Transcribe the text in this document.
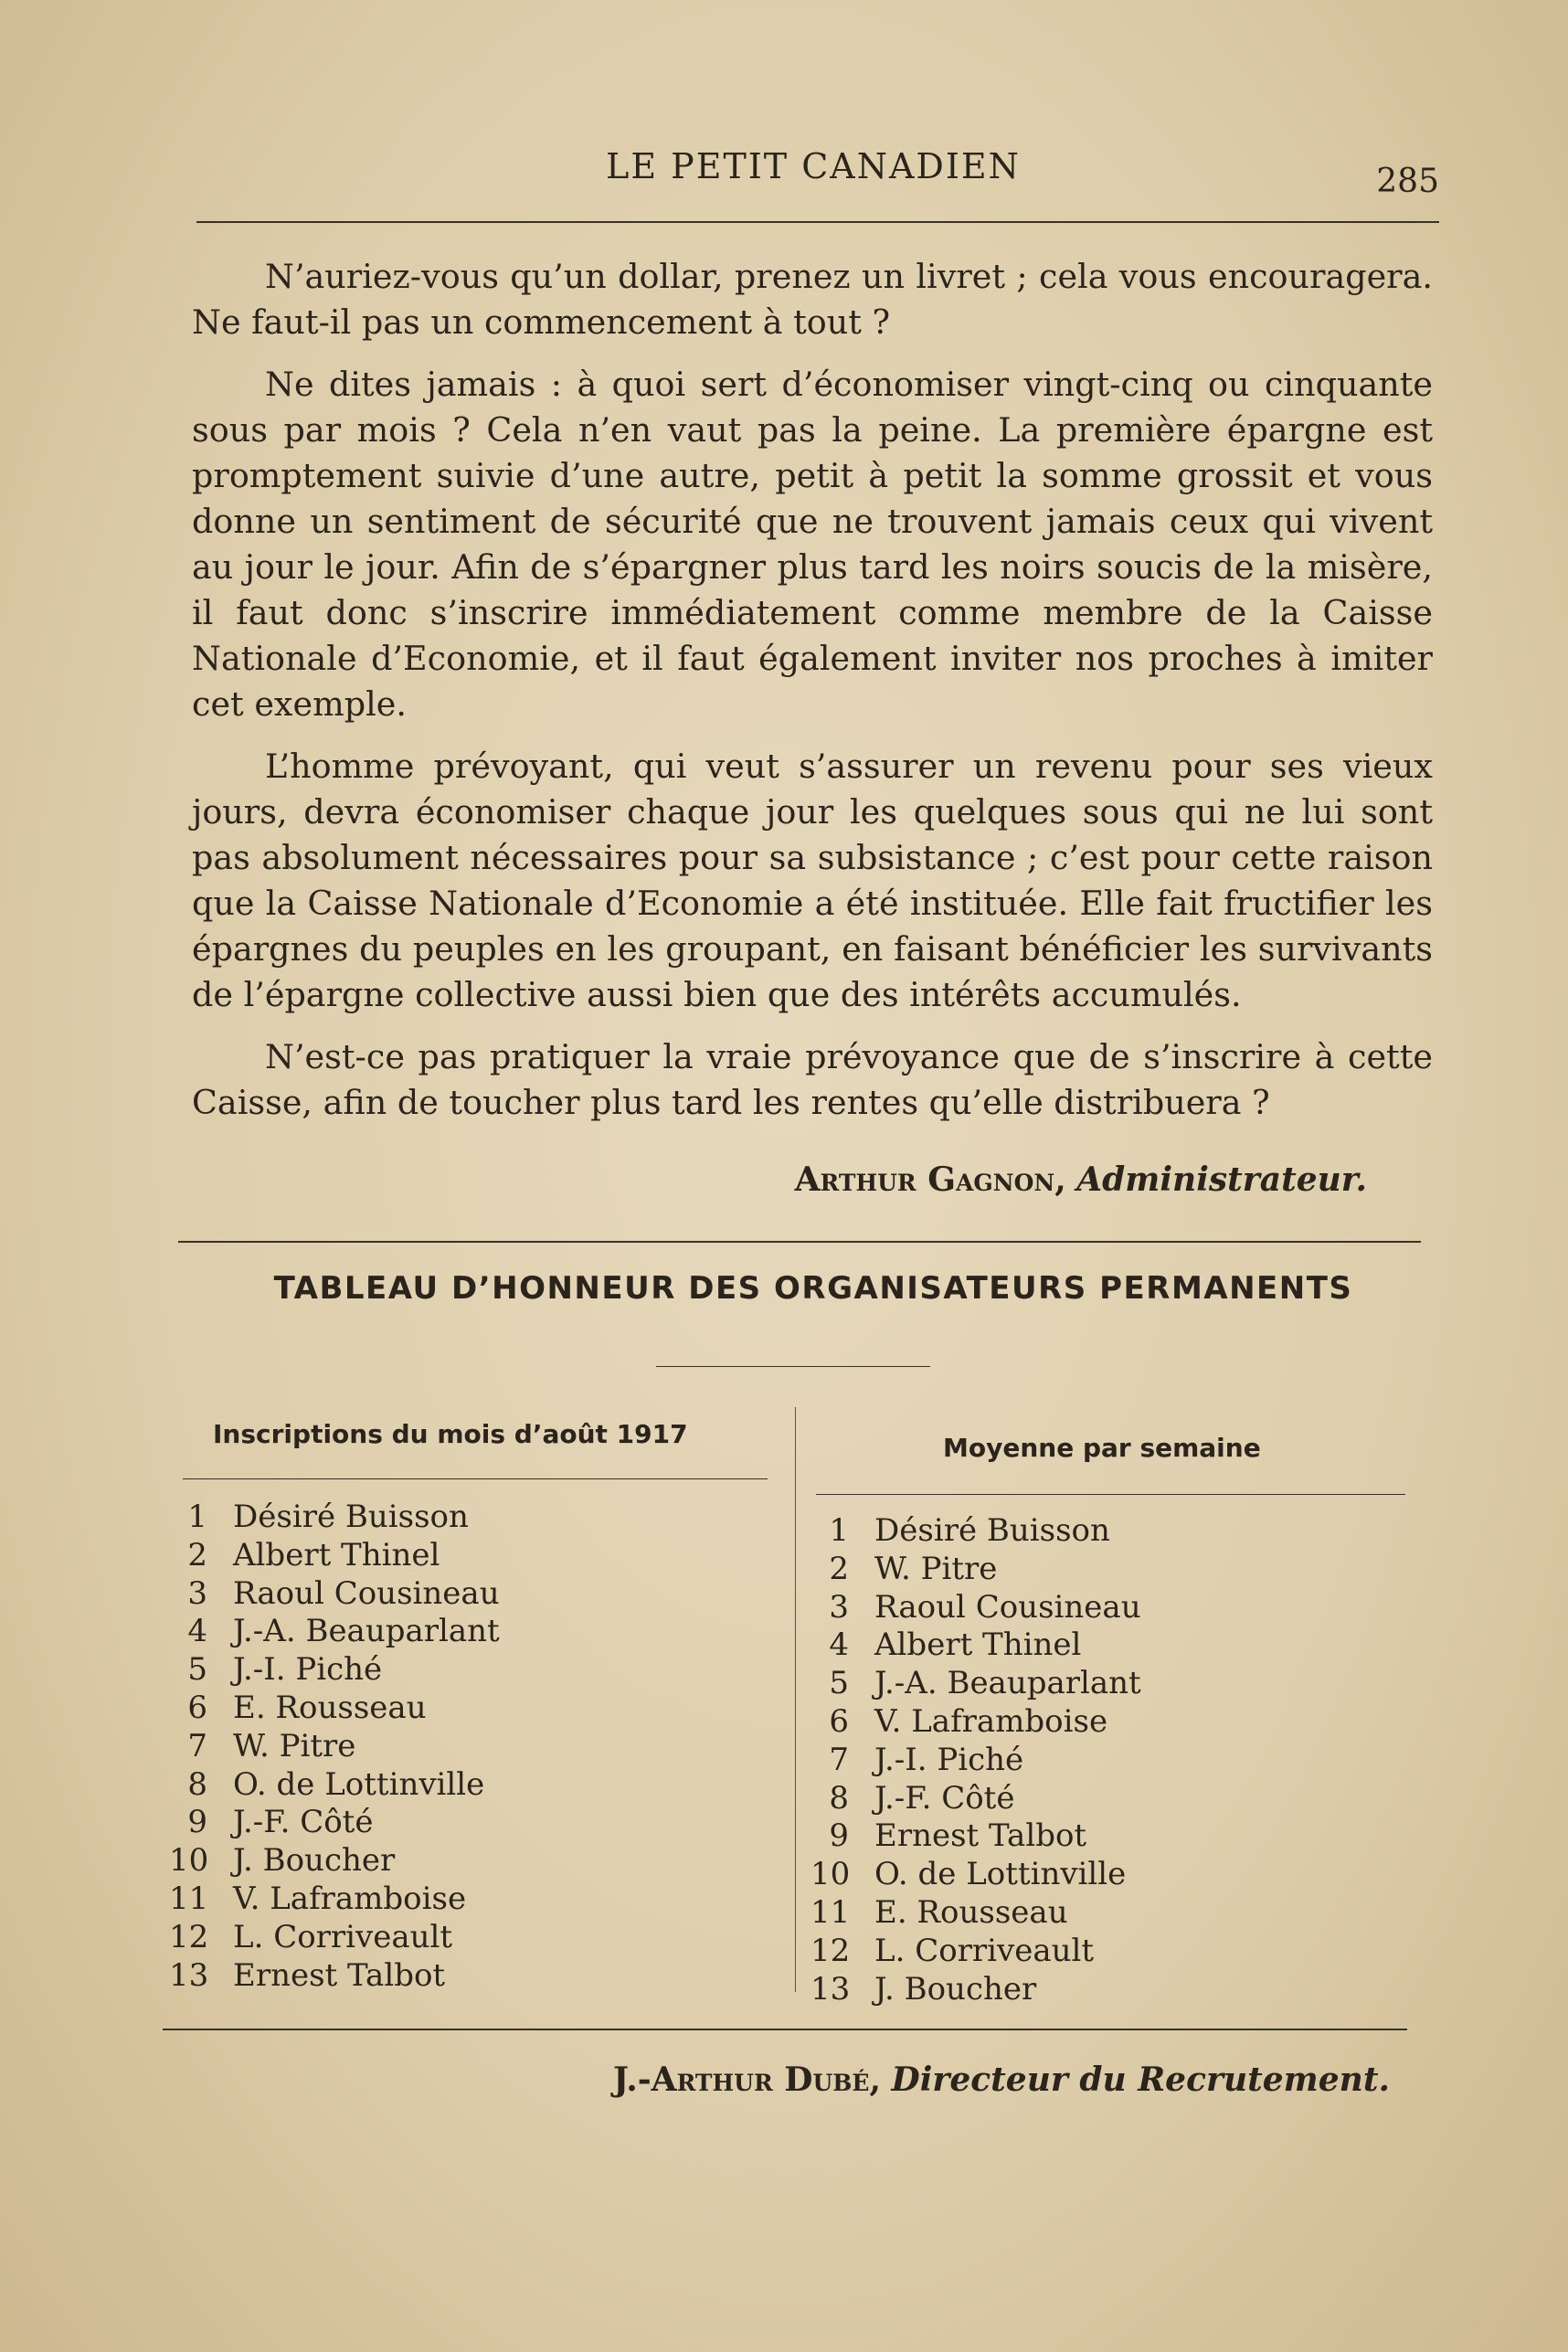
LE PETIT CANADIEN	285

N’auriez-vous qu’un dollar, prenez un livret ; cela vous encouragera. Ne faut-il pas un commencement à tout ?

Ne dites jamais : à quoi sert d’économiser vingt-cinq ou cinquante sous par mois ? Cela n’en vaut pas la peine. La première épargne est promptement suivie d’une autre, petit à petit la somme grossit et vous donne un sentiment de sécurité que ne trouvent jamais ceux qui vivent au jour le jour. Afin de s’épargner plus tard les noirs soucis de la misère, il faut donc s’inscrire immédiatement comme membre de la Caisse Nationale d’Economie, et il faut également inviter nos proches à imiter cet exemple.

L’homme prévoyant, qui veut s’assurer un revenu pour ses vieux jours, devra économiser chaque jour les quelques sous qui ne lui sont pas absolument nécessaires pour sa subsistance ; c’est pour cette raison que la Caisse Nationale d’Economie a été instituée. Elle fait fructifier les épargnes du peuples en les groupant, en faisant bénéficier les survivants de l’épargne collective aussi bien que des intérêts accumulés.

N’est-ce pas pratiquer la vraie prévoyance que de s’inscrire à cette Caisse, afin de toucher plus tard les rentes qu’elle distribuera ?

Arthur Gagnon, Administrateur.
TABLEAU D’HONNEUR DES ORGANISATEURS PERMANENTS
Inscriptions du mois d’août 1917	Moyenne par semaine
1 Désiré Buisson
2 Albert Thinel
3 Raoul Cousineau
4 J.-A. Beauparlant
5 J.-I. Piché
6 E. Rousseau
7 W. Pitre
8 O. de Lottinville
9 J.-F. Côté
10 J. Boucher
11 V. Laframboise
12 L. Corriveault
13 Ernest Talbot
1 Désiré Buisson
2 W. Pitre
3 Raoul Cousineau
4 Albert Thinel
5 J.-A. Beauparlant
6 V. Laframboise
7 J.-I. Piché
8 J.-F. Côté
9 Ernest Talbot
10 O. de Lottinville
11 E. Rousseau
12 L. Corriveault
13 J. Boucher
J.-Arthur Dubé, Directeur du Recrutement.
